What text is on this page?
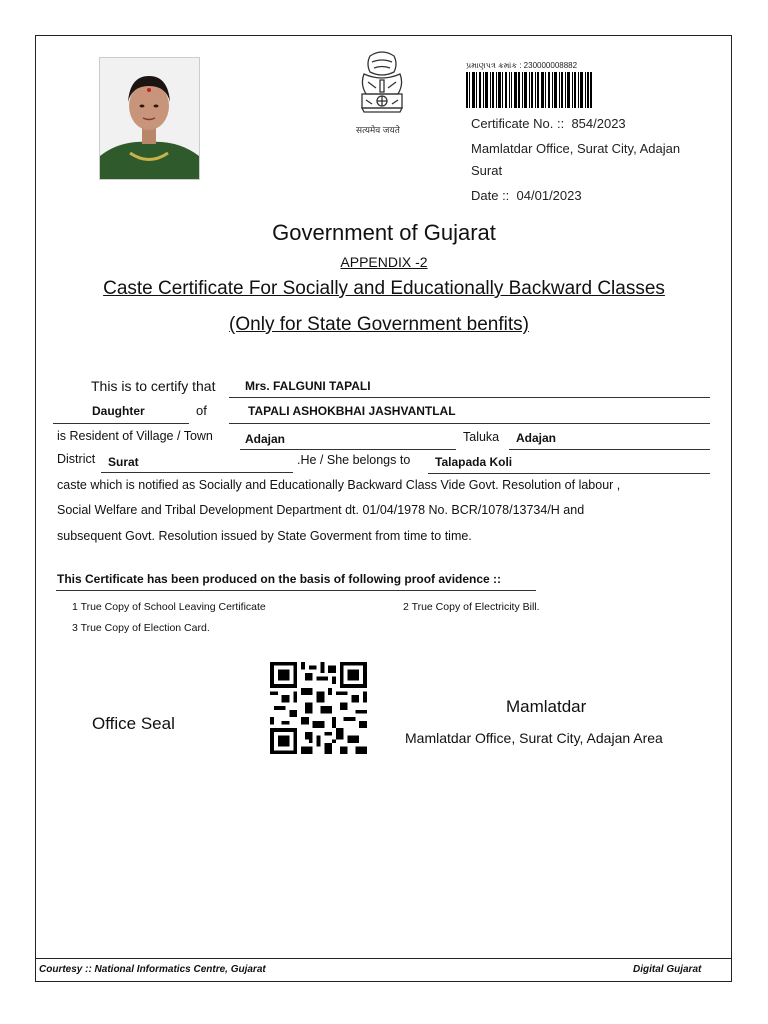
सत्यमेव जयते
પ્રમાણપત્ર ક્રમાંક : 230000008882
Certificate No. :: 854/2023
Mamlatdar Office, Surat City, Adajan
Surat
Date :: 04/01/2023
Government of Gujarat
APPENDIX -2
Caste Certificate For Socially and Educationally Backward Classes
(Only for State Government benfits)
This is to certify that Mrs. FALGUNI TAPALI
Daughter	of	TAPALI ASHOKBHAI JASHVANTLAL
is Resident of Village / Town	Adajan	Taluka Adajan
District Surat	.He / She belongs to Talapada Koli
caste which is notified as Socially and Educationally Backward Class Vide Govt. Resolution of labour ,
Social Welfare and Tribal Development Department dt. 01/04/1978 No. BCR/1078/13734/H and
subsequent Govt. Resolution issued by State Goverment from time to time.
This Certificate has been produced on the basis of following proof avidence ::
1 True Copy of School Leaving Certificate	2 True Copy of Electricity Bill.
3 True Copy of Election Card.
Office Seal
Mamlatdar
Mamlatdar Office, Surat City, Adajan Area
Courtesy :: National Informatics Centre, Gujarat	Digital Gujarat
